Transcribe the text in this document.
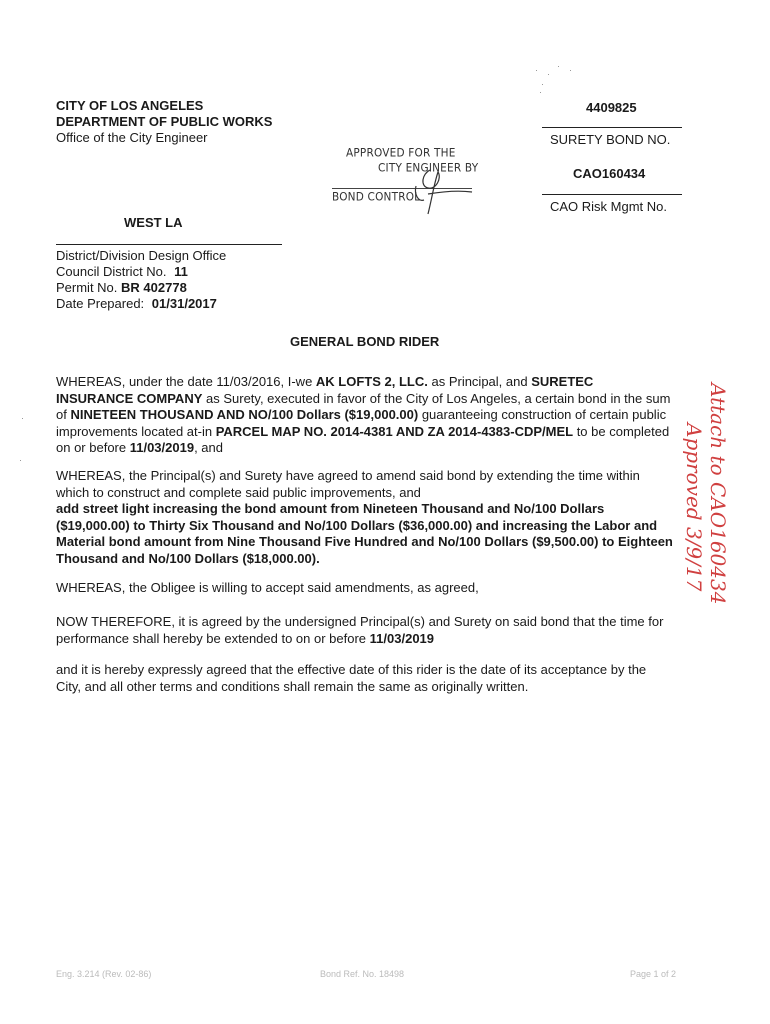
CITY OF LOS ANGELES
DEPARTMENT OF PUBLIC WORKS
Office of the City Engineer
4409825
SURETY BOND NO.
CAO160434
CAO Risk Mgmt No.
APPROVED FOR THE
CITY ENGINEER BY
BOND CONTROL
WEST LA
District/Division Design Office
Council District No. 11
Permit No. BR 402778
Date Prepared: 01/31/2017
GENERAL BOND RIDER
WHEREAS, under the date 11/03/2016, I-we AK LOFTS 2, LLC. as Principal, and SURETEC INSURANCE COMPANY as Surety, executed in favor of the City of Los Angeles, a certain bond in the sum of NINETEEN THOUSAND AND NO/100 Dollars ($19,000.00) guaranteeing construction of certain public improvements located at-in PARCEL MAP NO. 2014-4381 AND ZA 2014-4383-CDP/MEL to be completed on or before 11/03/2019, and
WHEREAS, the Principal(s) and Surety have agreed to amend said bond by extending the time within which to construct and complete said public improvements, and
add street light increasing the bond amount from Nineteen Thousand and No/100 Dollars ($19,000.00) to Thirty Six Thousand and No/100 Dollars ($36,000.00) and increasing the Labor and Material bond amount from Nine Thousand Five Hundred and No/100 Dollars ($9,500.00) to Eighteen Thousand and No/100 Dollars ($18,000.00).
WHEREAS, the Obligee is willing to accept said amendments, as agreed,
NOW THEREFORE, it is agreed by the undersigned Principal(s) and Surety on said bond that the time for performance shall hereby be extended to on or before 11/03/2019
and it is hereby expressly agreed that the effective date of this rider is the date of its acceptance by the City, and all other terms and conditions shall remain the same as originally written.
Attach to CAO160434
Approved 3/9/17
Eng. 3.214 (Rev. 02-86)	Bond Ref. No. 18498	Page 1 of 2
